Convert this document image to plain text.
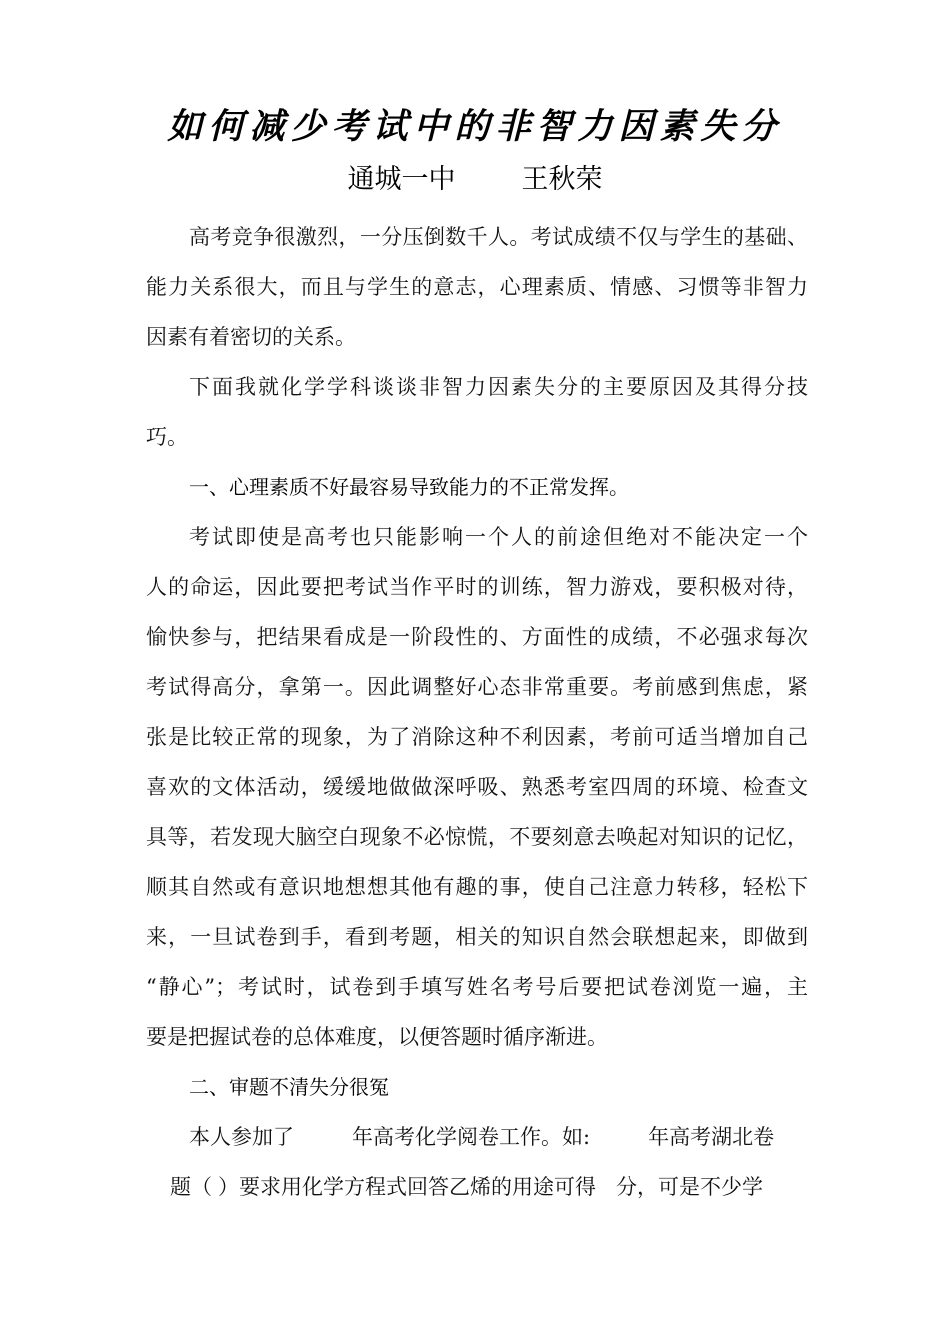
如何减少考试中的非智力因素失分
通城一中 王秋荣
高考竞争很激烈，一分压倒数千人。考试成绩不仅与学生的基础、
能力关系很大，而且与学生的意志，心理素质、情感、习惯等非智力
因素有着密切的关系。
下面我就化学学科谈谈非智力因素失分的主要原因及其得分技
巧。
一、心理素质不好最容易导致能力的不正常发挥。
考试即使是高考也只能影响一个人的前途但绝对不能决定一个
人的命运，因此要把考试当作平时的训练，智力游戏，要积极对待，
愉快参与，把结果看成是一阶段性的、方面性的成绩，不必强求每次
考试得高分，拿第一。因此调整好心态非常重要。考前感到焦虑，紧
张是比较正常的现象，为了消除这种不利因素，考前可适当增加自己
喜欢的文体活动，缓缓地做做深呼吸、熟悉考室四周的环境、检查文
具等，若发现大脑空白现象不必惊慌，不要刻意去唤起对知识的记忆，
顺其自然或有意识地想想其他有趣的事，使自己注意力转移，轻松下
来，一旦试卷到手，看到考题，相关的知识自然会联想起来，即做到
“静心”；考试时，试卷到手填写姓名考号后要把试卷浏览一遍，主
要是把握试卷的总体难度，以便答题时循序渐进。
二、审题不清失分很冤
本人参加了	年高考化学阅卷工作。如:	年高考湖北卷
题（ ）要求用化学方程式回答乙烯的用途可得 分，可是不少学
